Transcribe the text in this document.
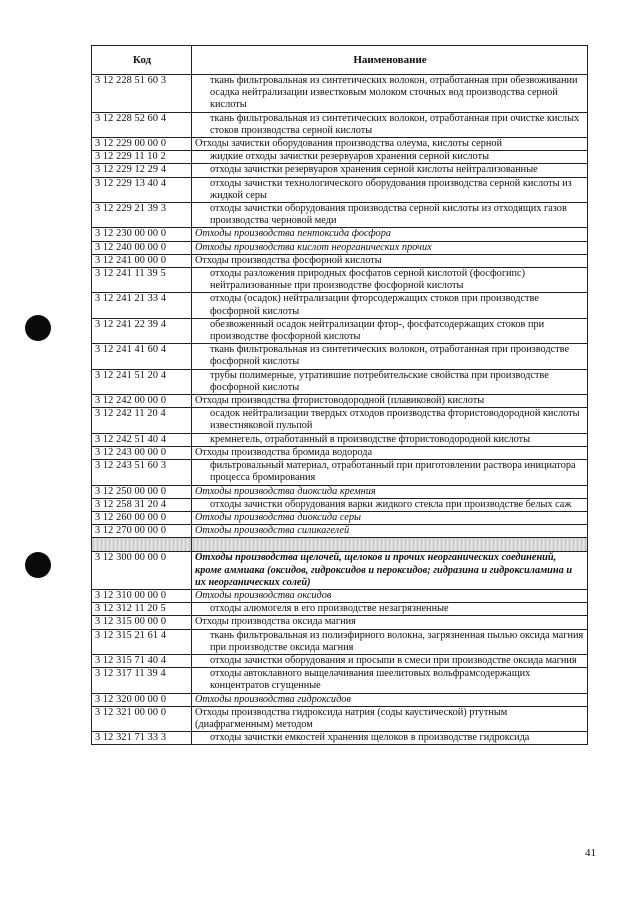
Код	Наименование
3 12 228 51 60 3	ткань фильтровальная из синтетических волокон, отработанная при обезвоживании осадка нейтрализации известковым молоком сточных вод производства серной кислоты
3 12 228 52 60 4	ткань фильтровальная из синтетических волокон, отработанная при очистке кислых стоков производства серной кислоты
3 12 229 00 00 0	Отходы зачистки оборудования производства олеума, кислоты серной
3 12 229 11 10 2	жидкие отходы зачистки резервуаров хранения серной кислоты
3 12 229 12 29 4	отходы зачистки резервуаров хранения серной кислоты нейтрализованные
3 12 229 13 40 4	отходы зачистки технологического оборудования производства серной кислоты из жидкой серы
3 12 229 21 39 3	отходы зачистки оборудования производства серной кислоты из отходящих газов производства черновой меди
3 12 230 00 00 0	Отходы производства пентоксида фосфора
3 12 240 00 00 0	Отходы производства кислот неорганических прочих
3 12 241 00 00 0	Отходы производства фосфорной кислоты
3 12 241 11 39 5	отходы разложения природных фосфатов серной кислотой (фосфогипс) нейтрализованные при производстве фосфорной кислоты
3 12 241 21 33 4	отходы (осадок) нейтрализации фторсодержащих стоков при производстве фосфорной кислоты
3 12 241 22 39 4	обезвоженный осадок нейтрализации фтор-, фосфатсодержащих стоков при производстве фосфорной кислоты
3 12 241 41 60 4	ткань фильтровальная из синтетических волокон, отработанная при производстве фосфорной кислоты
3 12 241 51 20 4	трубы полимерные, утратившие потребительские свойства при производстве фосфорной кислоты
3 12 242 00 00 0	Отходы производства фтористоводородной (плавиковой) кислоты
3 12 242 11 20 4	осадок нейтрализации твердых отходов производства фтористоводородной кислоты известняковой пульпой
3 12 242 51 40 4	кремнегель, отработанный в производстве фтористоводородной кислоты
3 12 243 00 00 0	Отходы производства бромида водорода
3 12 243 51 60 3	фильтровальный материал, отработанный при приготовлении раствора инициатора процесса бромирования
3 12 250 00 00 0	Отходы производства диоксида кремния
3 12 258 31 20 4	отходы зачистки оборудования варки жидкого стекла при производстве белых саж
3 12 260 00 00 0	Отходы производства диоксида серы
3 12 270 00 00 0	Отходы производства силикагелей

3 12 300 00 00 0	Отходы производства щелочей, щелоков и прочих неорганических соединений, кроме аммиака (оксидов, гидроксидов и пероксидов; гидразина и гидроксиламина и их неорганических солей)
3 12 310 00 00 0	Отходы производства оксидов
3 12 312 11 20 5	отходы алюмогеля в его производстве незагрязненные
3 12 315 00 00 0	Отходы производства оксида магния
3 12 315 21 61 4	ткань фильтровальная из полиэфирного волокна, загрязненная пылью оксида магния при производстве оксида магния
3 12 315 71 40 4	отходы зачистки оборудования и просыпи в смеси при производстве оксида магния
3 12 317 11 39 4	отходы автоклавного выщелачивания шеелитовых вольфрамсодержащих концентратов сгущенные
3 12 320 00 00 0	Отходы производства гидроксидов
3 12 321 00 00 0	Отходы производства гидроксида натрия (соды каустической) ртутным (диафрагменным) методом
3 12 321 71 33 3	отходы зачистки емкостей хранения щелоков в производстве гидроксида
41
